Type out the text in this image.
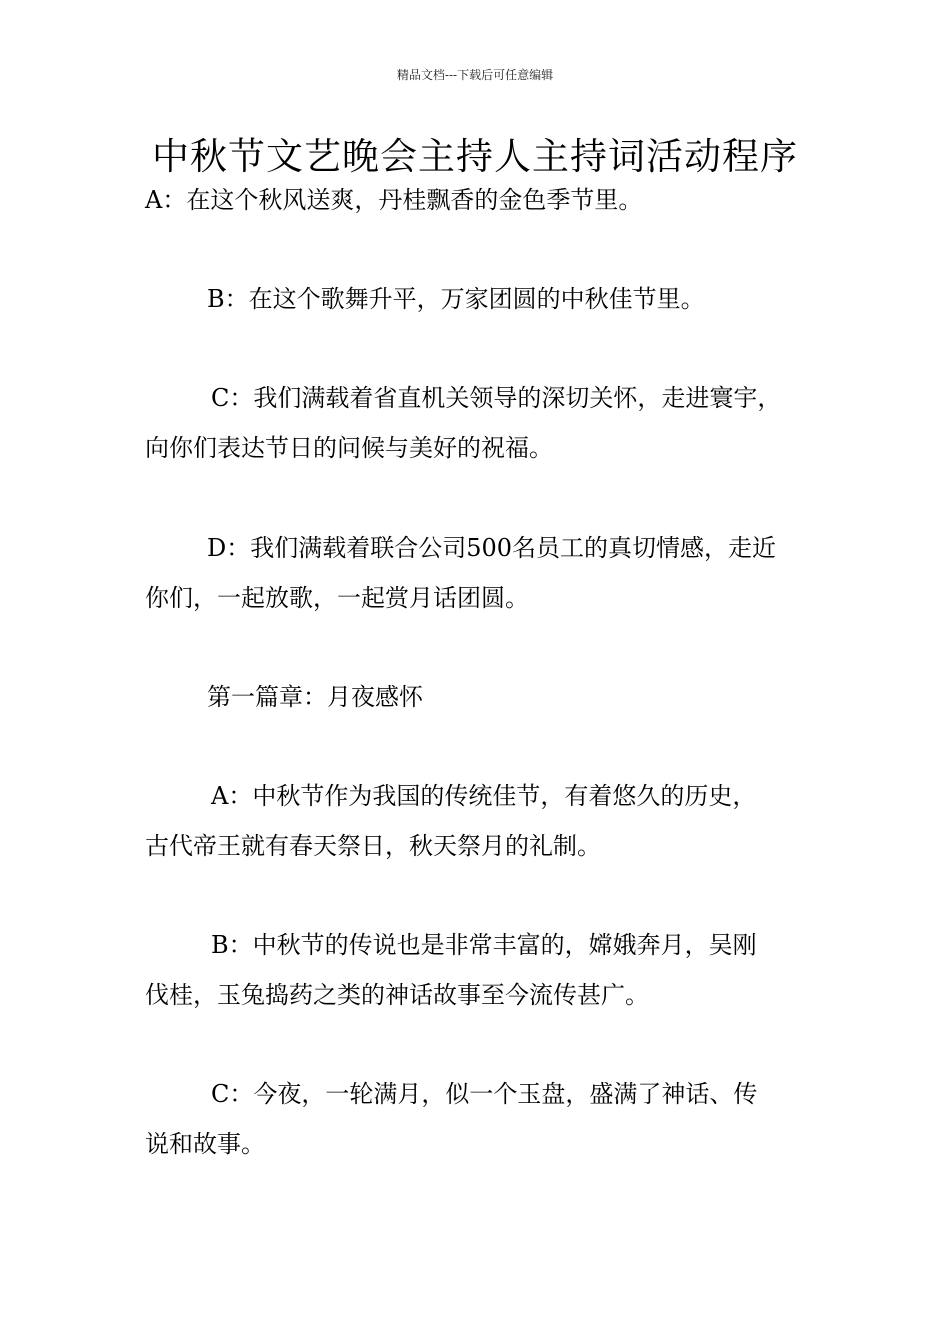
精品文档---下载后可任意编辑
中秋节文艺晚会主持人主持词活动程序
A：在这个秋风送爽，丹桂飘香的金色季节里。
B：在这个歌舞升平，万家团圆的中秋佳节里。
C：我们满载着省直机关领导的深切关怀，走进寰宇，
向你们表达节日的问候与美好的祝福。
D：我们满载着联合公司500名员工的真切情感，走近
你们，一起放歌，一起赏月话团圆。
第一篇章：月夜感怀
A：中秋节作为我国的传统佳节，有着悠久的历史，
古代帝王就有春天祭日，秋天祭月的礼制。
B：中秋节的传说也是非常丰富的，嫦娥奔月，吴刚
伐桂，玉兔捣药之类的神话故事至今流传甚广。
C：今夜，一轮满月，似一个玉盘，盛满了神话、传
说和故事。
